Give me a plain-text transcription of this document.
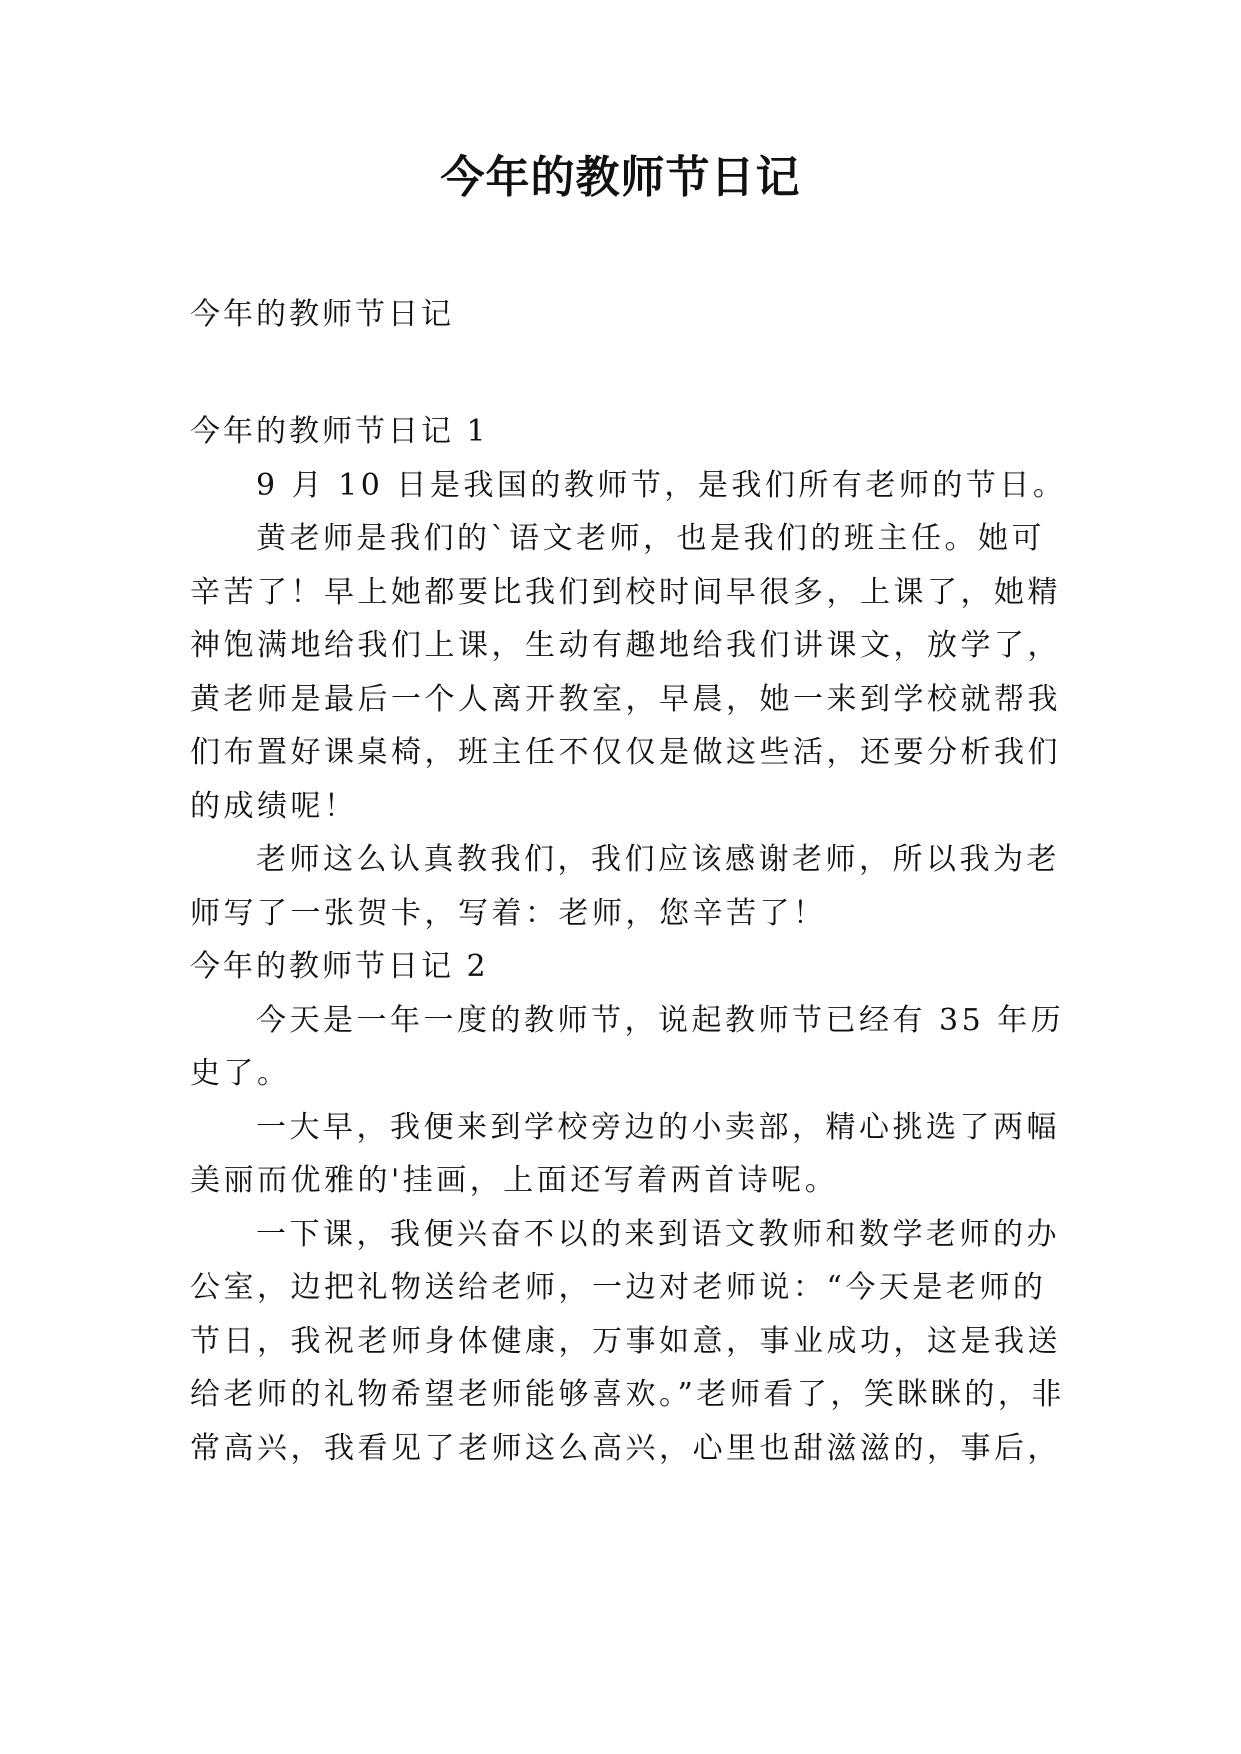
今年的教师节日记
今年的教师节日记

今年的教师节日记 1

9 月 10 日是我国的教师节，是我们所有老师的节日。

黄老师是我们的`语文老师，也是我们的班主任。她可辛苦了！早上她都要比我们到校时间早很多，上课了，她精神饱满地给我们上课，生动有趣地给我们讲课文，放学了，黄老师是最后一个人离开教室，早晨，她一来到学校就帮我们布置好课桌椅，班主任不仅仅是做这些活，还要分析我们的成绩呢！

老师这么认真教我们，我们应该感谢老师，所以我为老师写了一张贺卡，写着：老师，您辛苦了！

今年的教师节日记 2

今天是一年一度的教师节，说起教师节已经有 35 年历史了。

一大早，我便来到学校旁边的小卖部，精心挑选了两幅美丽而优雅的'挂画，上面还写着两首诗呢。

一下课，我便兴奋不以的来到语文教师和数学老师的办公室，边把礼物送给老师，一边对老师说：“今天是老师的节日，我祝老师身体健康，万事如意，事业成功，这是我送给老师的礼物希望老师能够喜欢。”老师看了，笑眯眯的，非常高兴，我看见了老师这么高兴，心里也甜滋滋的，事后，
